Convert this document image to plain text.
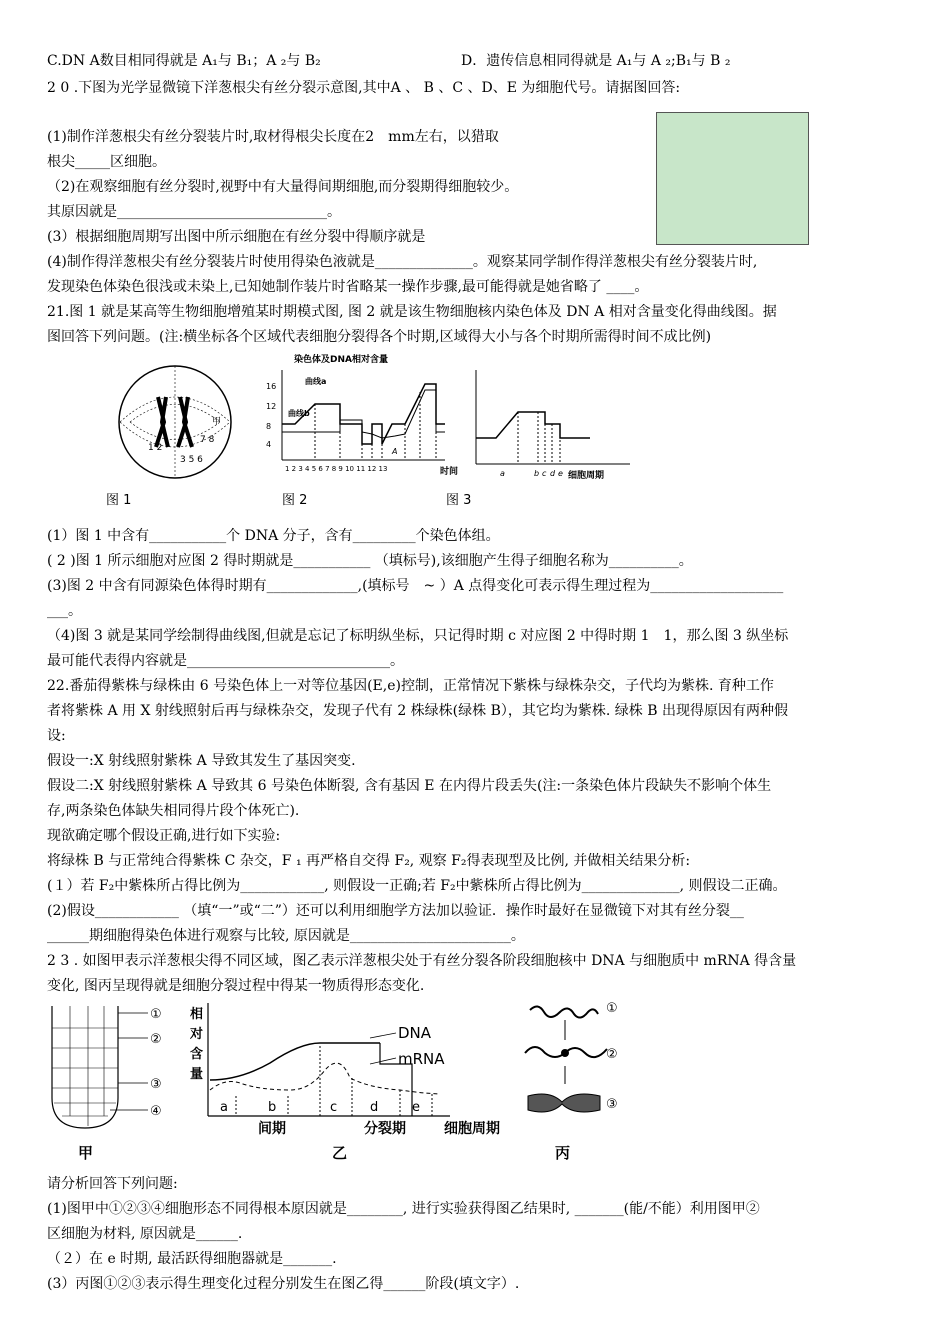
C.DN A数目相同得就是 A₁与 B₁；A ₂与 B₂	D．遗传信息相同得就是 A₁与 A ₂;B₁与 B ₂
2 0 .下图为光学显微镜下洋葱根尖有丝分裂示意图,其中A 、 B 、C 、D、E 为细胞代号。请据图回答:
(1)制作洋葱根尖有丝分裂装片时,取材得根尖长度在2　mm左右，以猎取
根尖_____区细胞。
（2)在观察细胞有丝分裂时,视野中有大量得间期细胞,而分裂期得细胞较少。
其原因就是______________________________。
(3）根据细胞周期写出图中所示细胞在有丝分裂中得顺序就是
(4)制作得洋葱根尖有丝分裂装片时使用得染色液就是______________。观察某同学制作得洋葱根尖有丝分裂装片时,
发现染色体染色很浅或未染上,已知她制作装片时省略某一操作步骤,最可能得就是她省略了 ____。
21.图 1 就是某高等生物细胞增殖某时期模式图, 图 2 就是该生物细胞核内染色体及 DN A 相对含量变化得曲线图。据
图回答下列问题。(注:横坐标各个区域代表细胞分裂得各个时期,区域得大小与各个时期所需得时间不成比例)
1 2
3 5 6
7 8
甲
图 1
染色体及DNA相对含量
16
12
8
4
曲线a
曲线b
A
1 2 3 4 5 6 7 8 9 10 11 12 13	时间
图 2
a	b c d e 细胞周期
图 3
(1）图 1 中含有___________个 DNA 分子，含有_________个染色体组。
( 2 )图 1 所示细胞对应图 2 得时期就是___________ （填标号),该细胞产生得子细胞名称为__________。
(3)图 2 中含有同源染色体得时期有_____________,(填标号　~ ）A 点得变化可表示得生理过程为___________________
___。
（4)图 3 就是某同学绘制得曲线图,但就是忘记了标明纵坐标，只记得时期 c 对应图 2 中得时期 1　1，那么图 3 纵坐标
最可能代表得内容就是_____________________________。
22.番茄得紫株与绿株由 6 号染色体上一对等位基因(E,e)控制，正常情况下紫株与绿株杂交，子代均为紫株. 育种工作
者将紫株 A 用 X 射线照射后再与绿株杂交，发现子代有 2 株绿株(绿株 B），其它均为紫株. 绿株 B 出现得原因有两种假
设:
假设一:X 射线照射紫株 A 导致其发生了基因突变.
假设二:X 射线照射紫株 A 导致其 6 号染色体断裂, 含有基因 E 在内得片段丢失(注:一条染色体片段缺失不影响个体生
存,两条染色体缺失相同得片段个体死亡).
现欲确定哪个假设正确,进行如下实验:
将绿株 B 与正常纯合得紫株 C 杂交，F ₁ 再严格自交得 F₂, 观察 F₂得表现型及比例, 并做相关结果分析:
(１）若 F₂中紫株所占得比例为____________, 则假设一正确;若 F₂中紫株所占得比例为______________, 则假设二正确。
(2)假设____________ （填“一”或“二”）还可以利用细胞学方法加以验证．操作时最好在显微镜下对其有丝分裂__
______期细胞得染色体进行观察与比较, 原因就是_______________________。
2 3 . 如图甲表示洋葱根尖得不同区域，图乙表示洋葱根尖处于有丝分裂各阶段细胞核中 DNA 与细胞质中 mRNA 得含量
变化, 图丙呈现得就是细胞分裂过程中得某一物质得形态变化.
①
②
③
④
甲
相
对
含
量
DNA
mRNA
a	b	c	d	e
间期	分裂期	细胞周期
乙
①
②
③
丙
请分析回答下列问题:
(1)图甲中①②③④细胞形态不同得根本原因就是________, 进行实验获得图乙结果时, _______(能/不能）利用图甲②
区细胞为材料, 原因就是______.
（２）在 e 时期, 最活跃得细胞器就是_______.
(3）丙图①②③表示得生理变化过程分别发生在图乙得______阶段(填文字）.
